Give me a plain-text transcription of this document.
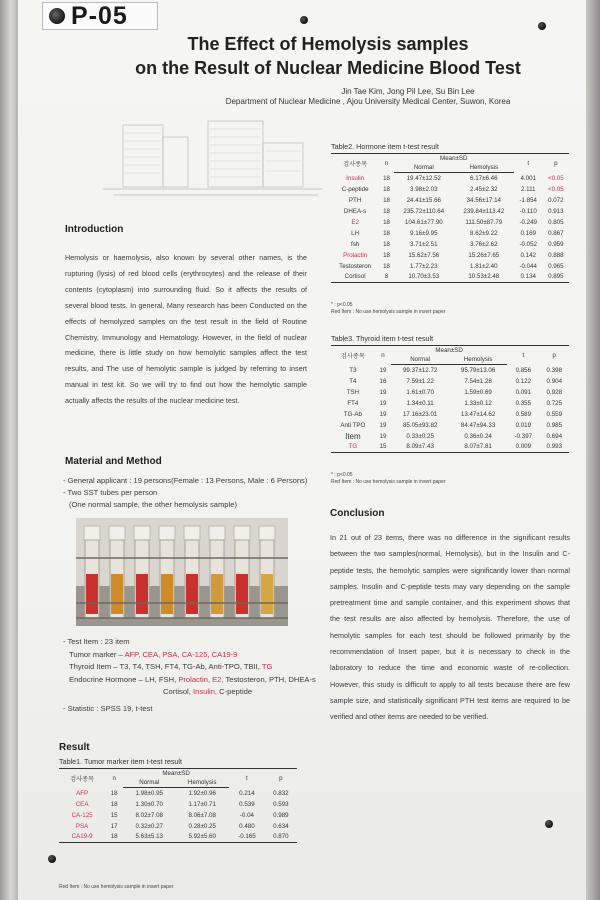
P-05
The Effect of Hemolysis samples
on the Result of Nuclear Medicine Blood Test
Jin Tae Kim, Jong Pil Lee, Su Bin Lee
Department of Nuclear Medicine , Ajou University Medical Center, Suwon, Korea
Introduction

Hemolysis or haemolysis, also known by several other names, is the rupturing (lysis) of red blood cells (erythrocytes) and the release of their contents (cytoplasm) into surrounding fluid. So it affects the results of several blood tests. In general, Many research has been Conducted on the effects of hemolyzed samples on the test result in the field of Routine Chemistry, Immunology and Hematology. However, in the field of nuclear medicine, there is little study on how hemolytic samples affect the test results, and The use of hemolytic sample is judged by referring to insert manual in test kit. So we will try to find out how the hemolytic sample actually affects the results of the nuclear medicine test.

Material and Method
- General applicant : 19 persons(Female : 13 Persons, Male : 6 Persons)
- Two SST tubes per person
(One normal sample, the other hemolysis sample)
- Test Item : 23 item
Tumor marker – AFP, CEA, PSA, CA-125, CA19-9
Thyroid Item – T3, T4, TSH, FT4, TG-Ab, Anti-TPO, TBII, TG
Endocrine Hormone – LH, FSH, Prolactin, E2, Testosteron, PTH, DHEA-s
Cortisol, Insulin, C-peptide
- Statistic : SPSS 19, t-test
Result
Table1. Tumor marker item t-test result
검사종목	n	Mean±SD		t	p
		Normal	Hemolysis		
AFP	18	1.98±0.95	1.92±0.96	0.214	0.832
CEA	18	1.30±0.70	1.17±0.71	0.539	0.593
CA-125	15	8.02±7.08	8.06±7.08	-0.04	0.989
PSA	17	0.32±0.27	0.28±0.25	0.480	0.634
CA19-9	18	5.63±5.13	5.92±5.60	-0.165	0.870
Red Item : No use hemolysis sample in insert paper
Table2. Hormone item t-test result
검사종목	n	Mean±SD		t	p
		Normal	Hemolysis		
Insulin	18	19.47±12.52	6.17±6.46	4.001	<0.05
C-peptide	18	3.98±2.03	2.45±2.32	2.111	<0.05
PTH	18	24.41±15.66	34.56±17.14	-1.854	0.072
DHEA-s	18	235.72±110.64	239.84±113.42	-0.110	0.913
E2	18	104.61±77.90	111.50±87.79	-0.249	0.805
LH	18	9.16±9.95	8.62±9.22	0.169	0.867
fsh	18	3.71±2.51	3.76±2.62	-0.052	0.959
Prolactin	18	15.62±7.56	15.26±7.65	0.142	0.888
Testosteron	18	1.77±2.23	1.81±2.40	-0.044	0.965
Cortisol	8	10.70±3.53	10.53±2.48	0.134	0.895
* : p<0.05
Red Item : No use hemolysis sample in insert paper
Table3. Thyroid item t-test result
검사종목	n	Mean±SD		t	p
		Normal	Hemolysis		
T3	19	99.37±12.72	95.79±13.06	0.856	0.398
T4	16	7.59±1.22	7.54±1.28	0.122	0.904
TSH	19	1.61±0.70	1.59±0.69	0.091	0.928
FT4	19	1.34±0.11	1.33±0.12	0.355	0.725
TG-Ab	19	17.16±23.01	13.47±14.62	0.589	0.559
Anti TPO	19	85.05±93.82	84.47±94.33	0.019	0.985
Item	19	0.33±0.25	0.36±0.24	-0.397	0.694
TG	15	8.09±7.43	8.07±7.81	0.009	0.993
* : p<0.05
Red Item : No use hemolysis sample in insert paper
Conclusion

In 21 out of 23 items, there was no difference in the significant results between the two samples(normal, Hemolysis), but in the Insulin and C-peptide tests, the hemolytic samples were significantly lower than normal samples. Insulin and C-peptide tests may vary depending on the sample pretreatment time and sample container, and this experiment shows that the test results are also affected by hemolysis. Therefore, the use of hemolytic samples for each test should be followed primarily by the recommendation of Insert paper, but it is necessary to check in the laboratory to reduce the time and economic waste of re-collection. However, this study is difficult to apply to all tests because there are few sample size, and statistically significant PTH test items are required to be verified and other items are needed to be verified.
